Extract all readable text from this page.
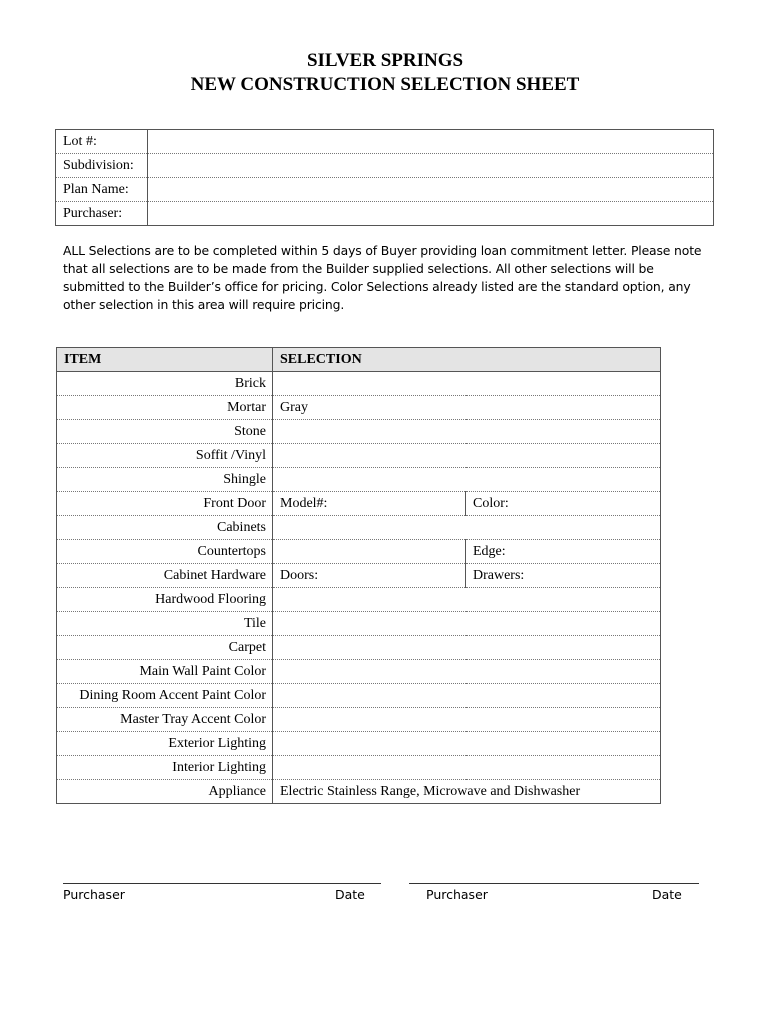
SILVER SPRINGS
NEW CONSTRUCTION SELECTION SHEET
Lot #:	
Subdivision:	
Plan Name:	
Purchaser:	
ALL Selections are to be completed within 5 days of Buyer providing loan commitment letter. Please note that all selections are to be made from the Builder supplied selections. All other selections will be submitted to the Builder’s office for pricing. Color Selections already listed are the standard option, any other selection in this area will require pricing.
ITEM	SELECTION	
Brick		
Mortar	Gray	
Stone		
Soffit /Vinyl		
Shingle		
Front Door	Model#:	Color:
Cabinets		
Countertops		Edge:
Cabinet Hardware	Doors:	Drawers:
Hardwood Flooring		
Tile		
Carpet		
Main Wall Paint Color		
Dining Room Accent Paint Color		
Master Tray Accent Color		
Exterior Lighting		
Interior Lighting		
Appliance	Electric Stainless Range, Microwave and Dishwasher	
Purchaser	Date	Purchaser	Date
